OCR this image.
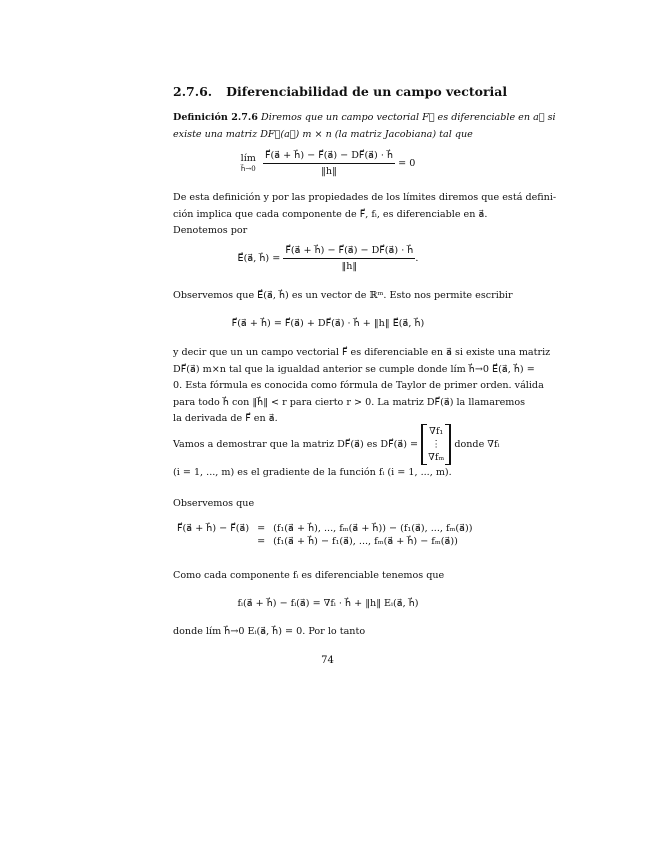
2.7.6. Diferenciabilidad de un campo vectorial

Definición 2.7.6 Diremos que un campo vectorial F⃗ es diferenciable en a⃗ si

existe una matriz DF⃗(a⃗) m × n (la matriz Jacobiana) tal que

lím
h⃗→0
$\frac{F⃗(a⃗ + h⃗) - F⃗(a⃗) - DF⃗(a⃗) \cdot h⃗}{‖h‖} = 0$

De esta definición y por las propiedades de los límites diremos que está defini-

ción implica que cada componente de F⃗, fᵢ, es diferenciable en a⃗.

Denotemos por

E⃗⃗(a⃗, h⃗) = $\frac{F⃗(a⃗ + h⃗) - F⃗(a⃗) - DF⃗(a⃗) \cdot h⃗}{‖h‖}$ .

Observemos que E⃗⃗(a⃗, h⃗) es un vector de ℝᵐ. Esto nos permite escribir

F⃗(a⃗ + h⃗) = F⃗(a⃗) + DF⃗(a⃗) · h⃗ + ‖h‖ E⃗(a⃗, h⃗)

y decir que un un campo vectorial F⃗ es diferenciable en a⃗ si existe una matriz

DF⃗(a⃗) m×n tal que la igualdad anterior se cumple donde lím h⃗→0 E⃗⃗(a⃗, h⃗) =

0. Esta fórmula es conocida como fórmula de Taylor de primer orden. válida

para todo h⃗ con ‖h⃗‖ < r para cierto r > 0. La matriz DF⃗(a⃗) la llamaremos

la derivada de F⃗ en a⃗.

Vamos a demostrar que la matriz DF⃗(a⃗) es DF⃗(a⃗) =
∇f₁
⋮
∇fₘ
donde ∇fᵢ

(i = 1, ..., m) es el gradiente de la función fᵢ (i = 1, ..., m).

Observemos que

F⃗(a⃗ + h⃗) − F⃗(a⃗)	=	(f₁(a⃗ + h⃗), ..., fₘ(a⃗ + h⃗)) − (f₁(a⃗), ..., fₘ(a⃗))
	=	(f₁(a⃗ + h⃗) − f₁(a⃗), ..., fₘ(a⃗ + h⃗) − fₘ(a⃗))

Como cada componente fᵢ es diferenciable tenemos que

fᵢ(a⃗ + h⃗) − fᵢ(a⃗) = ∇fᵢ · h⃗ + ‖h‖ Eᵢ(a⃗, h⃗)

donde lím h⃗→0 Eᵢ(a⃗, h⃗) = 0. Por lo tanto

74
